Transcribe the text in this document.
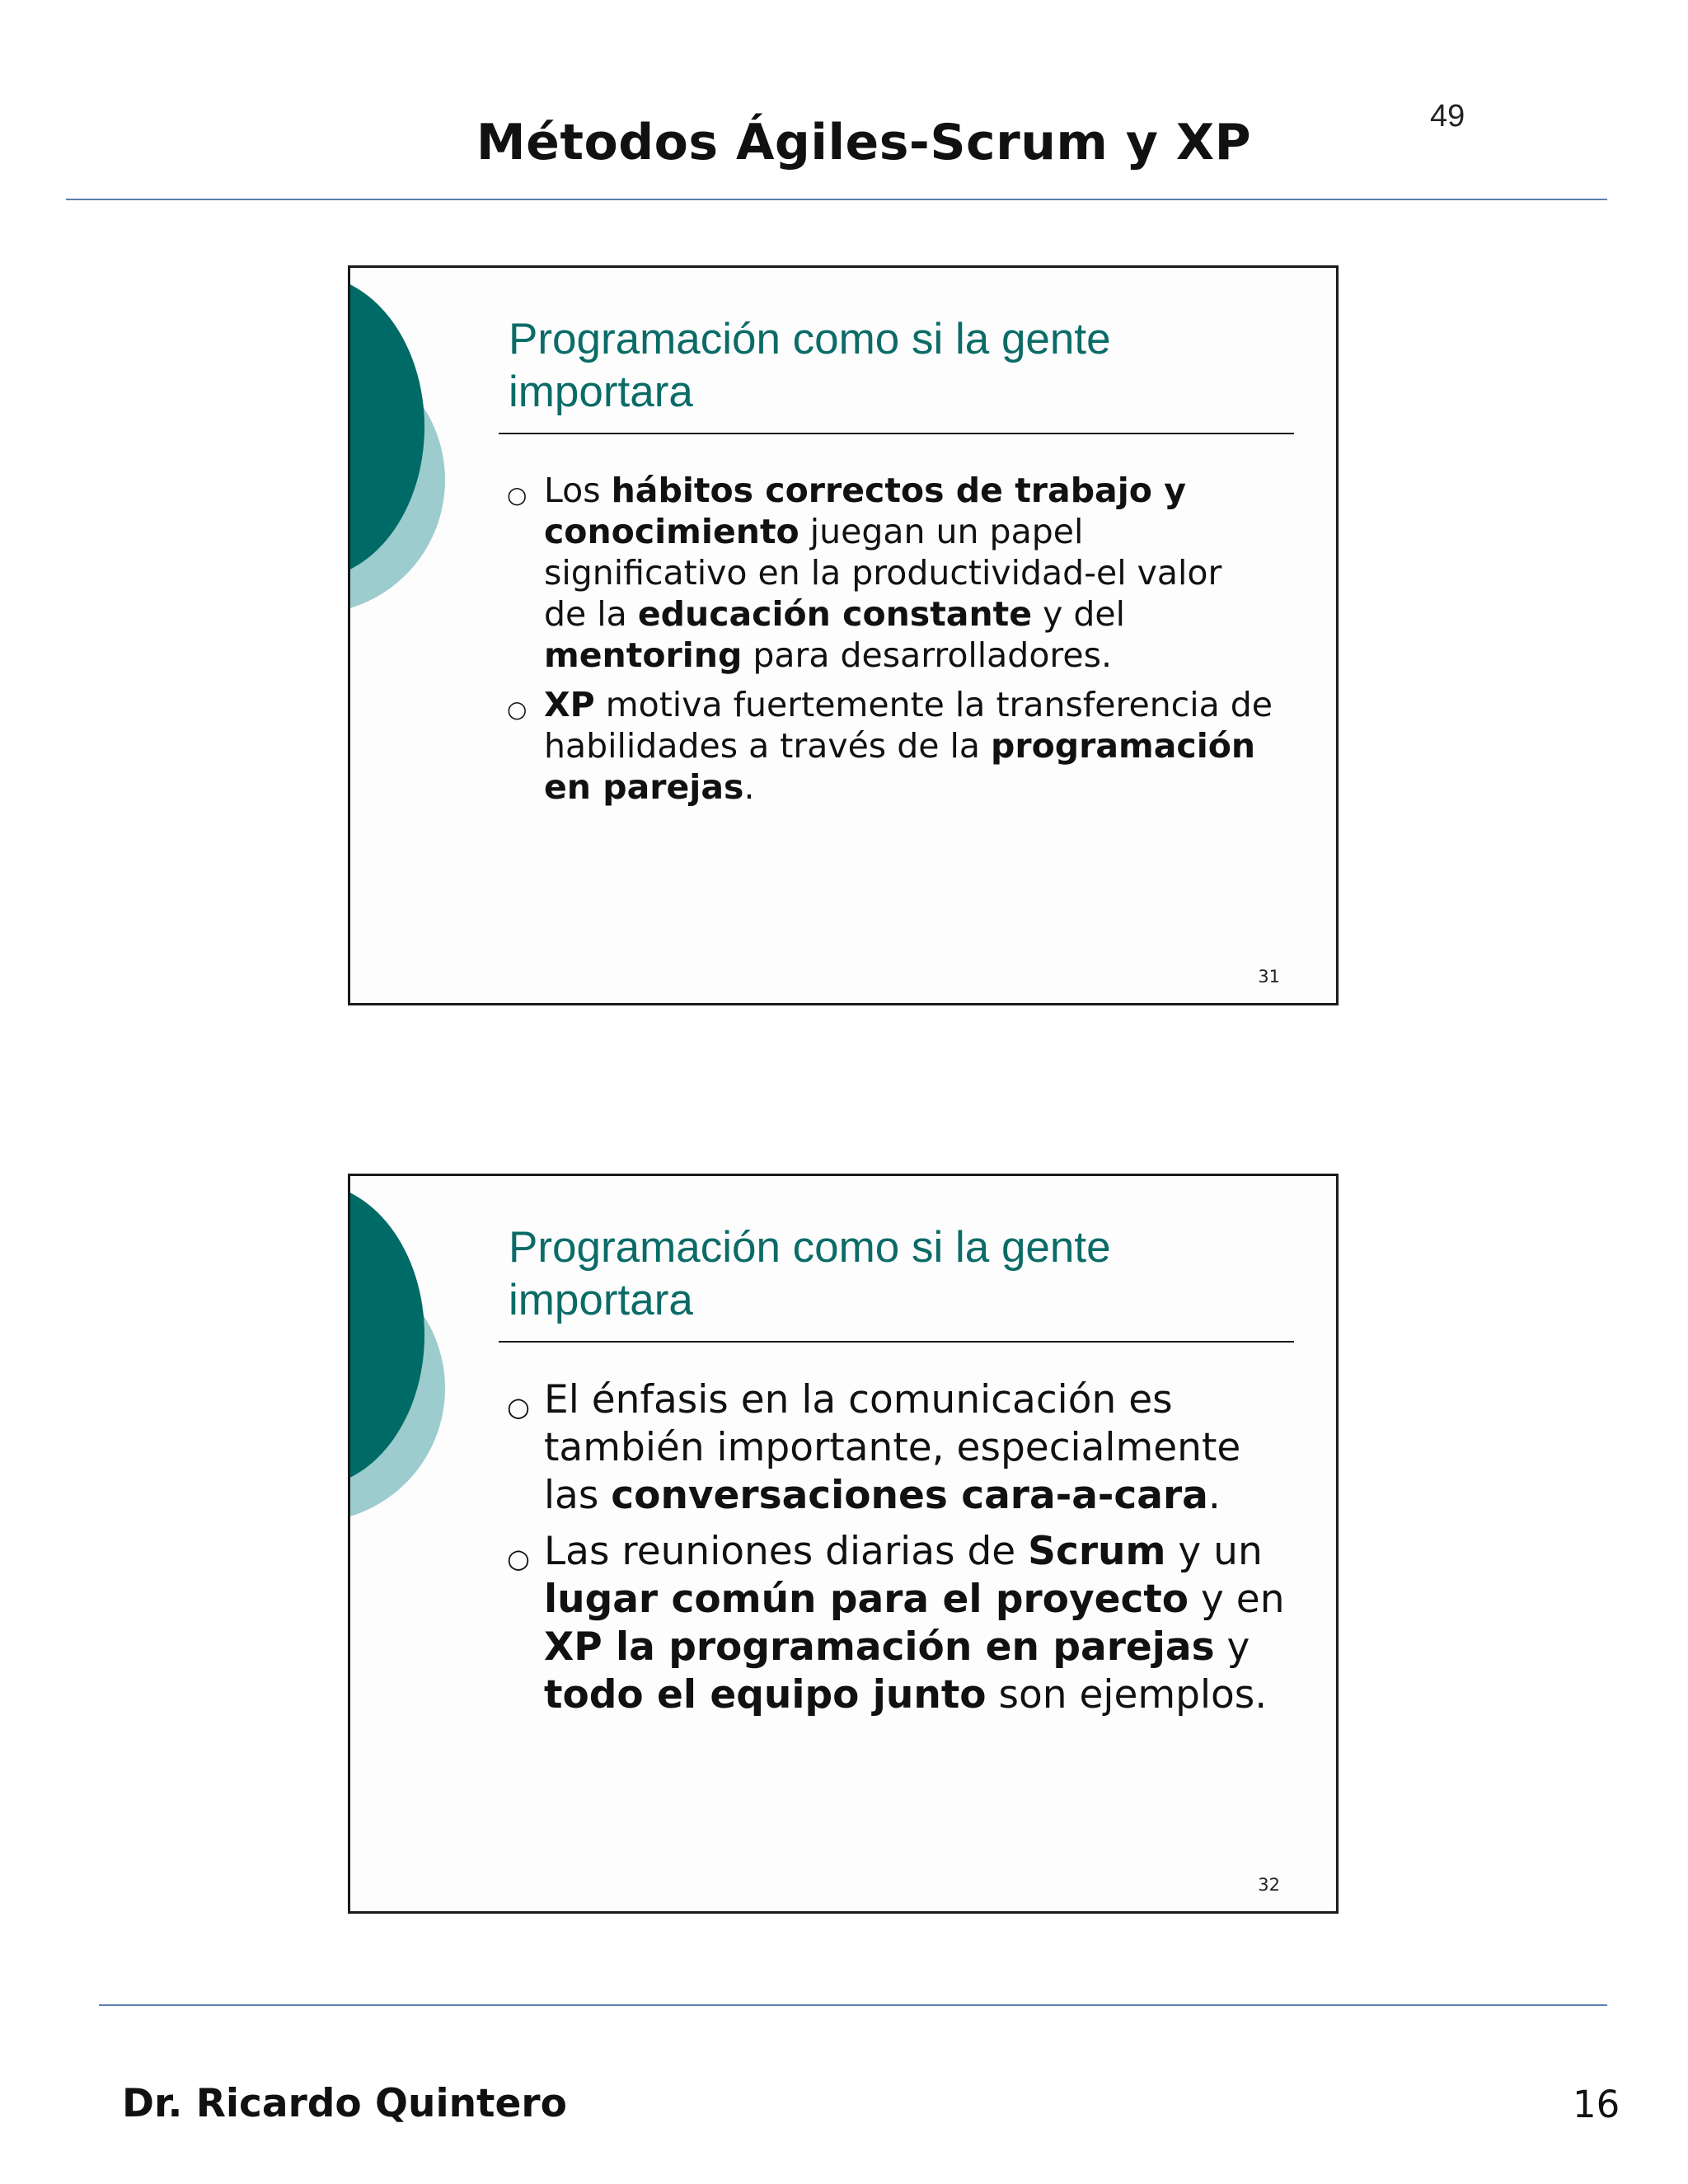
49
Métodos Ágiles-Scrum y XP
Programación como si la gente importara
○ Los hábitos correctos de trabajo y conocimiento juegan un papel significativo en la productividad-el valor de la educación constante y del mentoring para desarrolladores.
○ XP motiva fuertemente la transferencia de habilidades a través de la programación en parejas.
31
Programación como si la gente importara
○ El énfasis en la comunicación es también importante, especialmente las conversaciones cara-a-cara.
○ Las reuniones diarias de Scrum y un lugar común para el proyecto y en XP la programación en parejas y todo el equipo junto son ejemplos.
32
Dr. Ricardo Quintero	16
